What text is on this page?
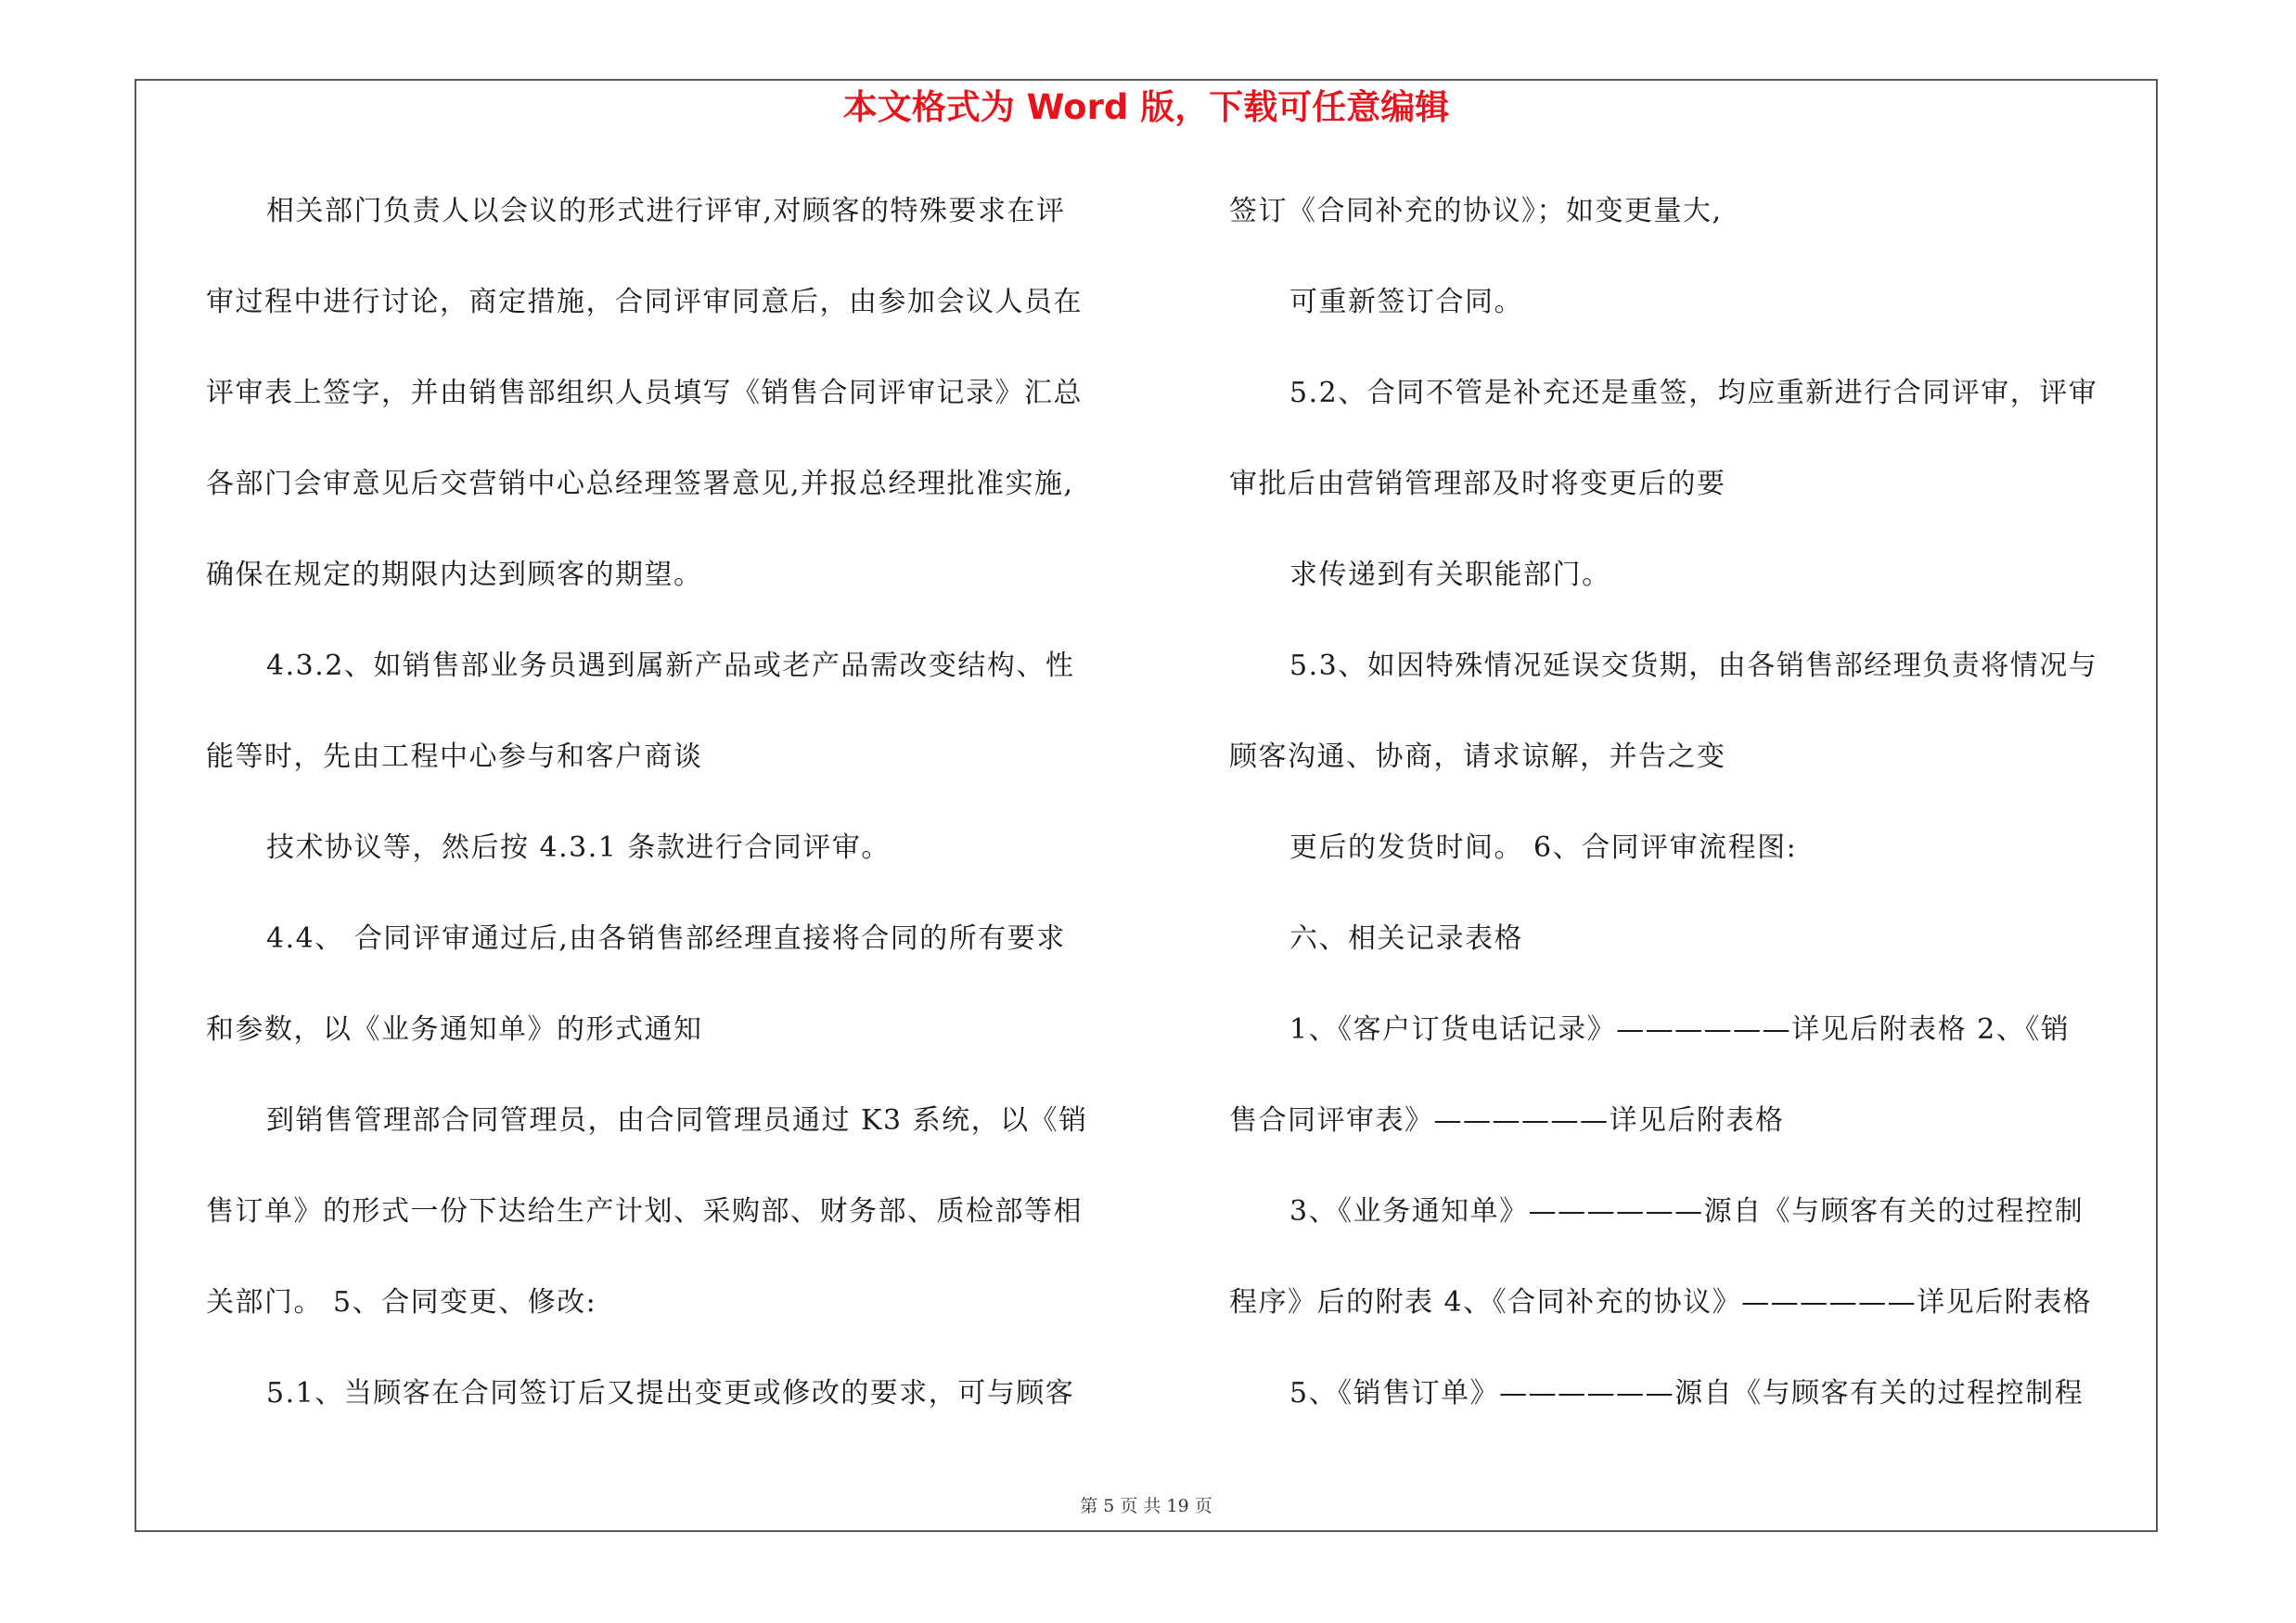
本文格式为 Word 版，下载可任意编辑
相关部门负责人以会议的形式进行评审,对顾客的特殊要求在评
审过程中进行讨论，商定措施，合同评审同意后，由参加会议人员在
评审表上签字，并由销售部组织人员填写《销售合同评审记录》汇总
各部门会审意见后交营销中心总经理签署意见,并报总经理批准实施,
确保在规定的期限内达到顾客的期望。
4.3.2、如销售部业务员遇到属新产品或老产品需改变结构、性
能等时，先由工程中心参与和客户商谈
技术协议等，然后按 4.3.1 条款进行合同评审。
4.4、 合同评审通过后,由各销售部经理直接将合同的所有要求
和参数，以《业务通知单》的形式通知
到销售管理部合同管理员，由合同管理员通过 K3 系统，以《销
售订单》的形式一份下达给生产计划、采购部、财务部、质检部等相
关部门。 5、合同变更、修改:
5.1、当顾客在合同签订后又提出变更或修改的要求，可与顾客
签订《合同补充的协议》；如变更量大,
可重新签订合同。
5.2、合同不管是补充还是重签，均应重新进行合同评审，评审
审批后由营销管理部及时将变更后的要
求传递到有关职能部门。
5.3、如因特殊情况延误交货期，由各销售部经理负责将情况与
顾客沟通、协商，请求谅解，并告之变
更后的发货时间。 6、合同评审流程图:
六、相关记录表格
1、《客户订货电话记录》——————详见后附表格 2、《销
售合同评审表》——————详见后附表格
3、《业务通知单》——————源自《与顾客有关的过程控制
程序》后的附表 4、《合同补充的协议》——————详见后附表格
5、《销售订单》——————源自《与顾客有关的过程控制程
第 5 页 共 19 页
